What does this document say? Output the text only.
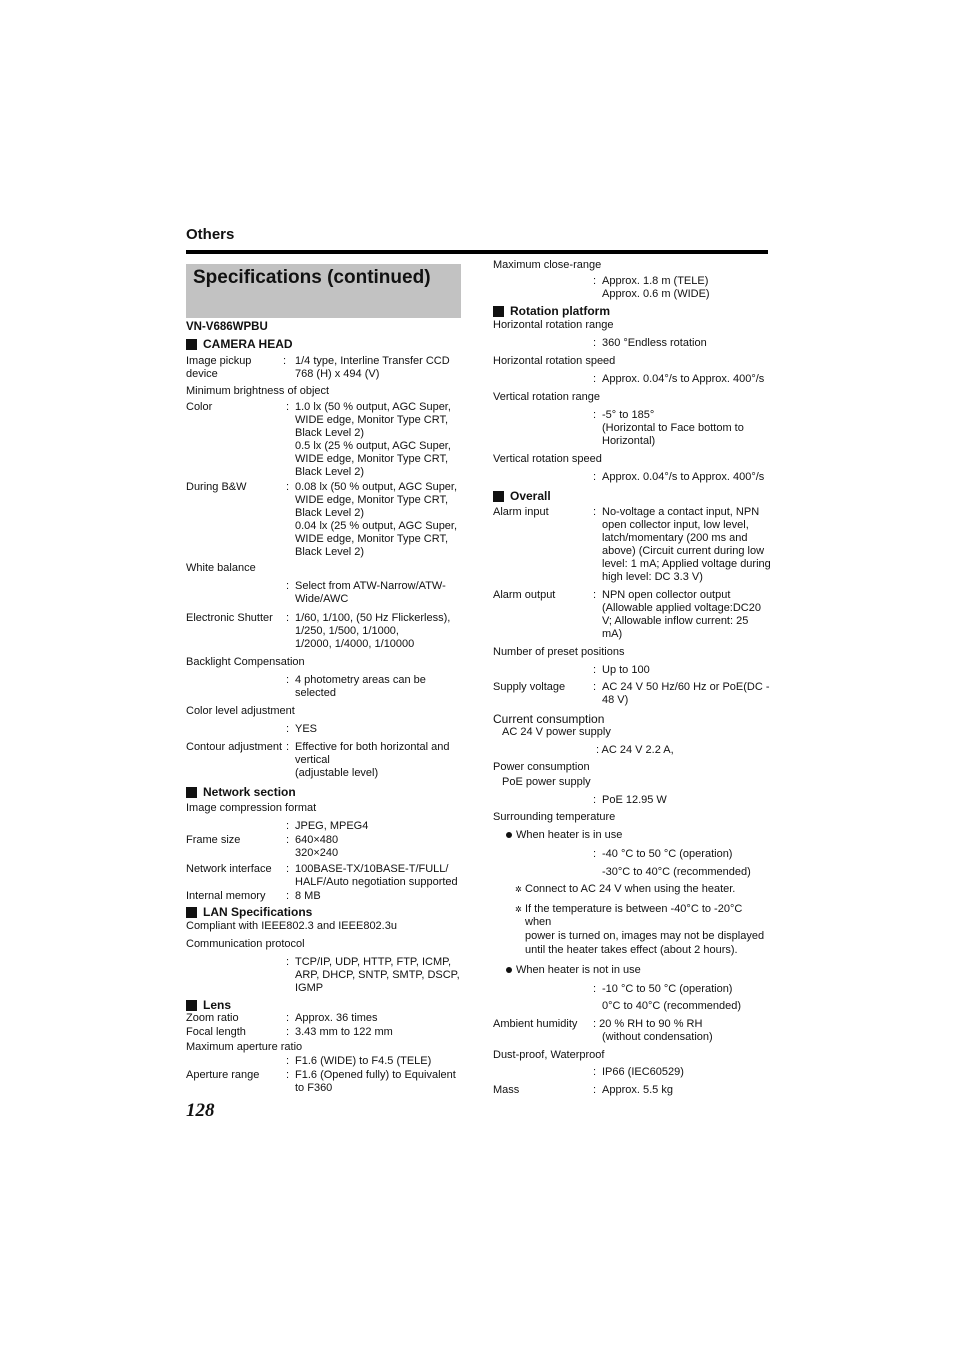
Others
Specifications (continued)
VN-V686WPBU
CAMERA HEAD
Image pickup device
: 1/4 type, Interline Transfer CCD
768 (H) x 494 (V)
Minimum brightness of object
Color	: 1.0 lx (50 % output, AGC Super,
WIDE edge, Monitor Type CRT,
Black Level 2)
0.5 lx (25 % output, AGC Super,
WIDE edge, Monitor Type CRT,
Black Level 2)
During B&W	: 0.08 lx (50 % output, AGC Super,
WIDE edge, Monitor Type CRT,
Black Level 2)
0.04 lx (25 % output, AGC Super,
WIDE edge, Monitor Type CRT,
Black Level 2)
White balance
: Select from ATW-Narrow/ATW-
Wide/AWC
Electronic Shutter	: 1/60, 1/100, (50 Hz Flickerless),
1/250, 1/500, 1/1000,
1/2000, 1/4000, 1/10000
Backlight Compensation
: 4 photometry areas can be
selected
Color level adjustment
: YES
Contour adjustment : Effective for both horizontal and
vertical
(adjustable level)
Network section
Image compression format
: JPEG, MPEG4
Frame size	: 640×480
320×240
Network interface	: 100BASE-TX/10BASE-T/FULL/
HALF/Auto negotiation supported
Internal memory	: 8 MB
LAN Specifications
Compliant with IEEE802.3 and IEEE802.3u
Communication protocol
: TCP/IP, UDP, HTTP, FTP, ICMP,
ARP, DHCP, SNTP, SMTP, DSCP,
IGMP
Lens
Zoom ratio	: Approx. 36 times
Focal length	: 3.43 mm to 122 mm
Maximum aperture ratio
: F1.6 (WIDE) to F4.5 (TELE)
Aperture range	: F1.6 (Opened fully) to Equivalent
to F360
Maximum close-range
: Approx. 1.8 m (TELE)
Approx. 0.6 m (WIDE)
Rotation platform
Horizontal rotation range
: 360 °Endless rotation
Horizontal rotation speed
: Approx. 0.04°/s to Approx. 400°/s
Vertical rotation range
: -5° to 185°
(Horizontal to Face bottom to
Horizontal)
Vertical rotation speed
: Approx. 0.04°/s to Approx. 400°/s
Overall
Alarm input	: No-voltage a contact input, NPN
open collector input, low level,
latch/momentary (200 ms and
above) (Circuit current during low
level: 1 mA; Applied voltage during
high level: DC 3.3 V)
Alarm output	: NPN open collector output
(Allowable applied voltage:DC20
V; Allowable inflow current: 25
mA)
Number of preset positions
: Up to 100
Supply voltage	: AC 24 V 50 Hz/60 Hz or PoE(DC -
48 V)
Current consumption
AC 24 V power supply
: AC 24 V 2.2 A,
Power consumption
PoE power supply
: PoE 12.95 W
Surrounding temperature
When heater is in use
: -40 °C to 50 °C (operation)
-30°C to 40°C (recommended)
✲ Connect to AC 24 V when using the heater.
✲ If the temperature is between -40°C to -20°C when
power is turned on, images may not be displayed
until the heater takes effect (about 2 hours).
When heater is not in use
: -10 °C to 50 °C (operation)
0°C to 40°C (recommended)
Ambient humidity	: 20 % RH to 90 % RH
(without condensation)
Dust-proof, Waterproof
: IP66 (IEC60529)
Mass	: Approx. 5.5 kg
128
